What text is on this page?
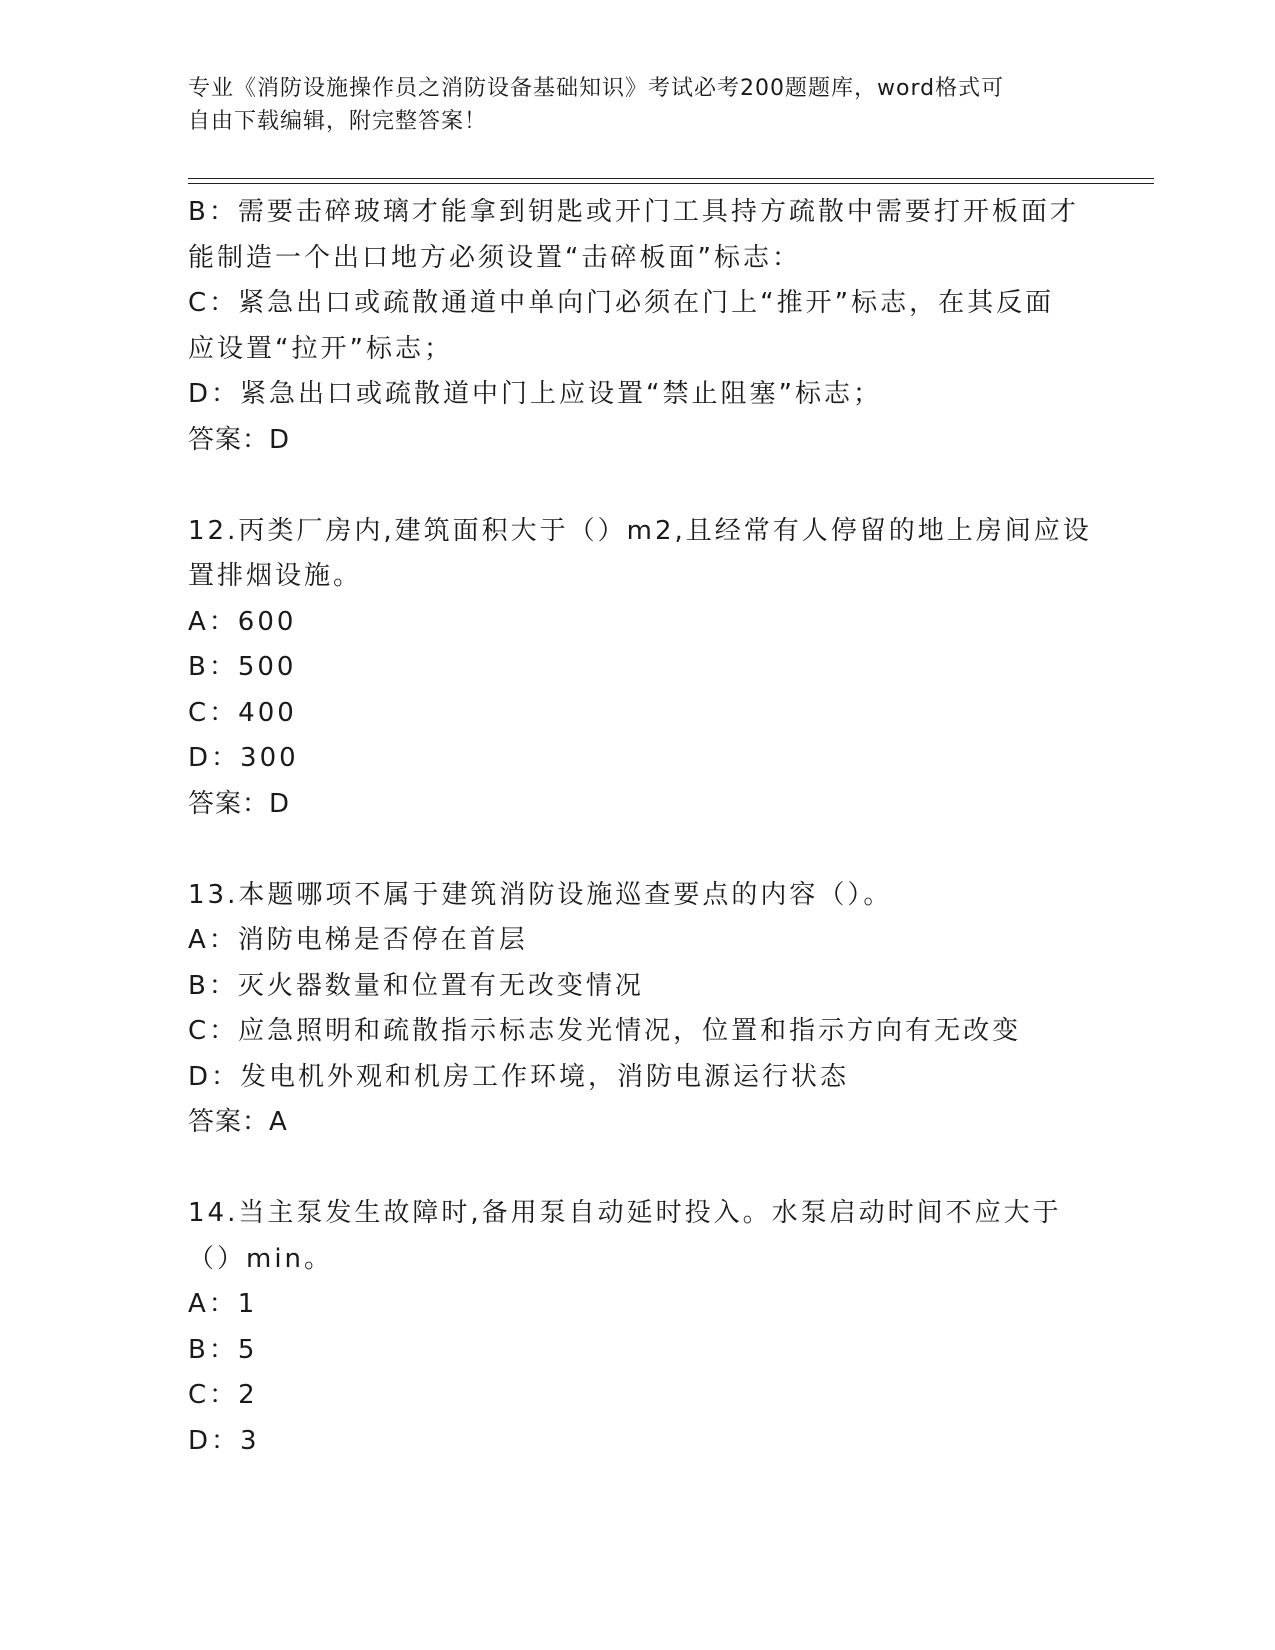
专业《消防设施操作员之消防设备基础知识》考试必考200题题库，word格式可
自由下载编辑，附完整答案！
B：需要击碎玻璃才能拿到钥匙或开门工具持方疏散中需要打开板面才
能制造一个出口地方必须设置“击碎板面”标志：
C：紧急出口或疏散通道中单向门必须在门上“推开”标志，在其反面
应设置“拉开”标志；
D：紧急出口或疏散道中门上应设置“禁止阻塞”标志；
答案：D
12.丙类厂房内,建筑面积大于（）m2,且经常有人停留的地上房间应设
置排烟设施。
A：600
B：500
C：400
D：300
答案：D
13.本题哪项不属于建筑消防设施巡查要点的内容（）。
A：消防电梯是否停在首层
B：灭火器数量和位置有无改变情况
C：应急照明和疏散指示标志发光情况，位置和指示方向有无改变
D：发电机外观和机房工作环境，消防电源运行状态
答案：A
14.当主泵发生故障时,备用泵自动延时投入。水泵启动时间不应大于
（）min。
A：1
B：5
C：2
D：3
